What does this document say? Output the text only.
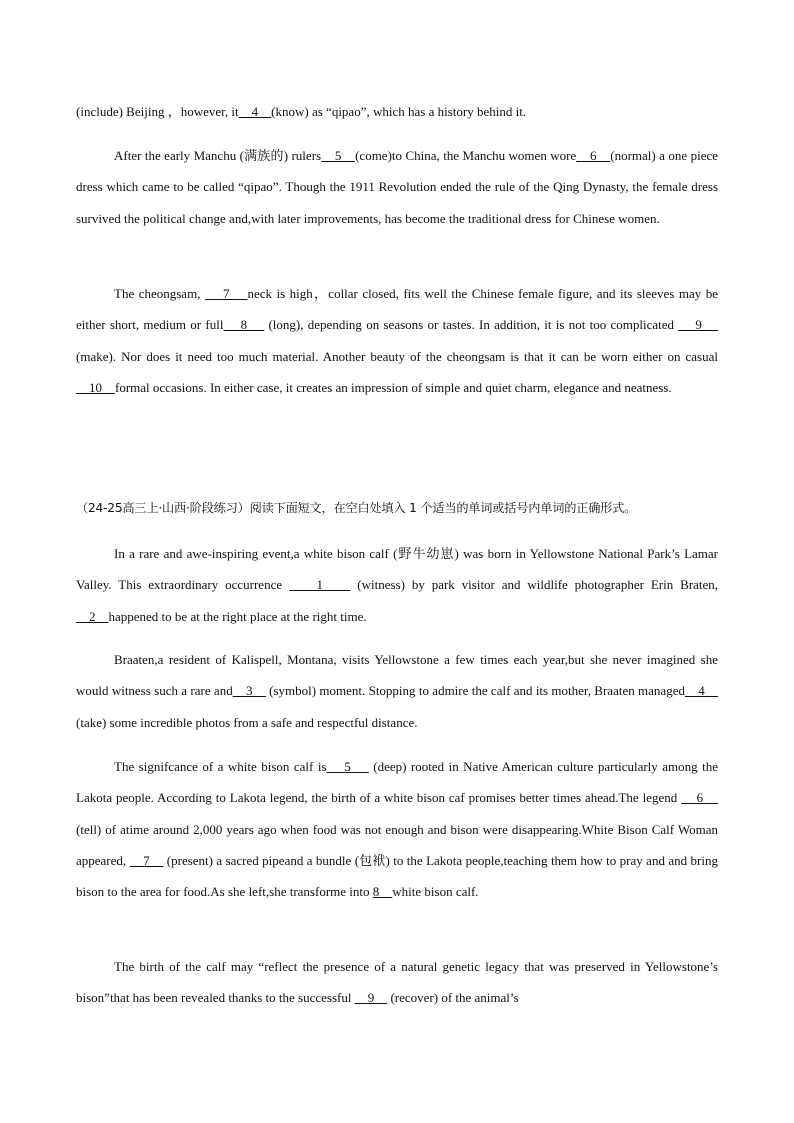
(include) Beijing ，however, it    4    (know) as “qipao”, which has a history behind it.

After the early Manchu (满族的) rulers    5    (come)to China, the Manchu women wore    6    (normal) a one piece dress which came to be called “qipao”. Though the 1911 Revolution ended the rule of the Qing Dynasty, the female dress survived the political change and,with later improvements, has become the traditional dress for Chinese women.

The cheongsam,     7    neck is high，collar closed, fits well the Chinese female figure, and its sleeves may be either short, medium or full    8     (long), depending on seasons or tastes. In addition, it is not too complicated     9     (make). Nor does it need too much material. Another beauty of the cheongsam is that it can be worn either on casual     10    formal occasions. In either case, it creates an impression of simple and quiet charm, elegance and neatness.

（24-25高三上·山西·阶段练习）阅读下面短文，在空白处填入 1 个适当的单词或括号内单词的正确形式。

In a rare and awe-inspiring event,a white bison calf (野牛幼崽) was born in Yellowstone National Park’s Lamar Valley. This extraordinary occurrence     1     (witness) by park visitor and wildlife photographer Erin Braten,     2    happened to be at the right place at the right time.

Braaten,a resident of Kalispell, Montana, visits Yellowstone a few times each year,but she never imagined she would witness such a rare and    3     (symbol) moment. Stopping to admire the calf and its mother, Braaten managed    4     (take) some incredible photos from a safe and respectful distance.

The signifcance of a white bison calf is    5     (deep) rooted in Native American culture particularly among the Lakota people. According to Lakota legend, the birth of a white bison caf promises better times ahead.The legend     6     (tell) of atime around 2,000 years ago when food was not enough and bison were disappearing.White Bison Calf Woman appeared,     7     (present) a sacred pipeand a bundle (包袱) to the Lakota people,teaching them how to pray and and bring bison to the area for food.As she left,she transforme into 8    white bison calf.

The birth of the calf may “reflect the presence of a natural genetic legacy that was preserved in Yellowstone’s bison”that has been revealed thanks to the successful     9     (recover) of the animal’s
